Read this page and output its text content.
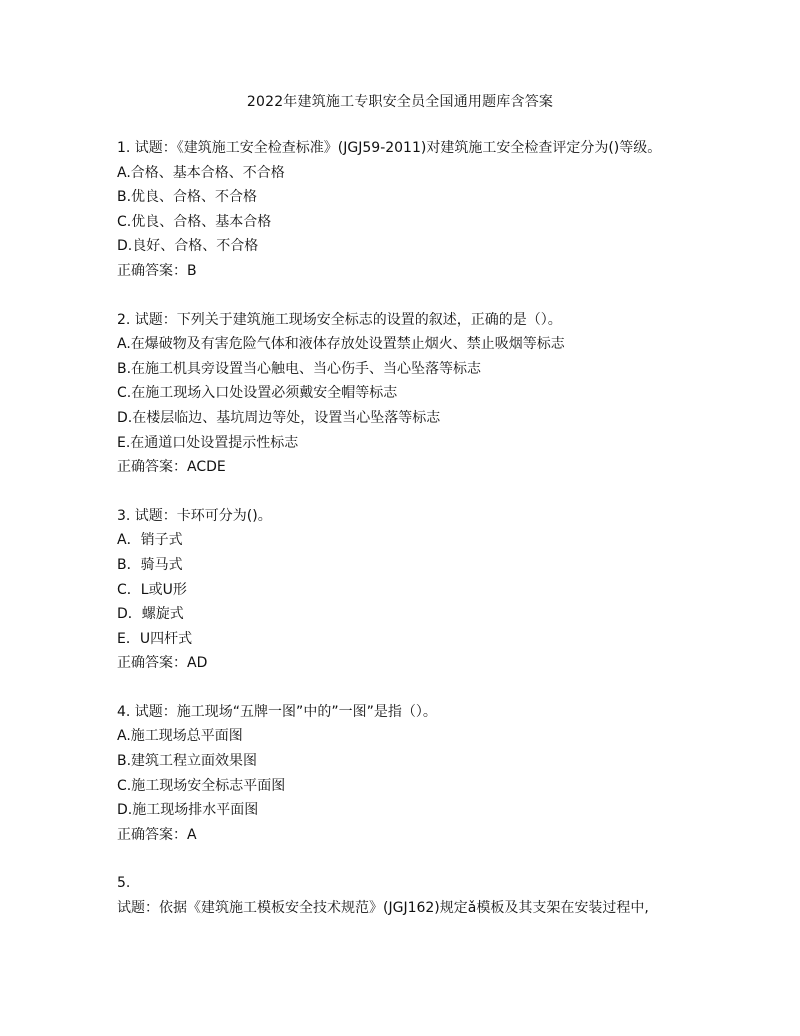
2022年建筑施工专职安全员全国通用题库含答案
1. 试题：《建筑施工安全检查标准》(JGJ59-2011)对建筑施工安全检查评定分为()等级。
A.合格、基本合格、不合格
B.优良、合格、不合格
C.优良、合格、基本合格
D.良好、合格、不合格
正确答案：B
2. 试题：下列关于建筑施工现场安全标志的设置的叙述，正确的是（）。
A.在爆破物及有害危险气体和液体存放处设置禁止烟火、禁止吸烟等标志
B.在施工机具旁设置当心触电、当心伤手、当心坠落等标志
C.在施工现场入口处设置必须戴安全帽等标志
D.在楼层临边、基坑周边等处，设置当心坠落等标志
E.在通道口处设置提示性标志
正确答案：ACDE
3. 试题：卡环可分为()。
A．销子式
B．骑马式
C．L或U形
D．螺旋式
E．U四杆式
正确答案：AD
4. 试题：施工现场“五牌一图”中的”一图”是指（）。
A.施工现场总平面图
B.建筑工程立面效果图
C.施工现场安全标志平面图
D.施工现场排水平面图
正确答案：A
5.
试题：依据《建筑施工模板安全技术规范》(JGJ162)规定ǎ模板及其支架在安装过程中,
